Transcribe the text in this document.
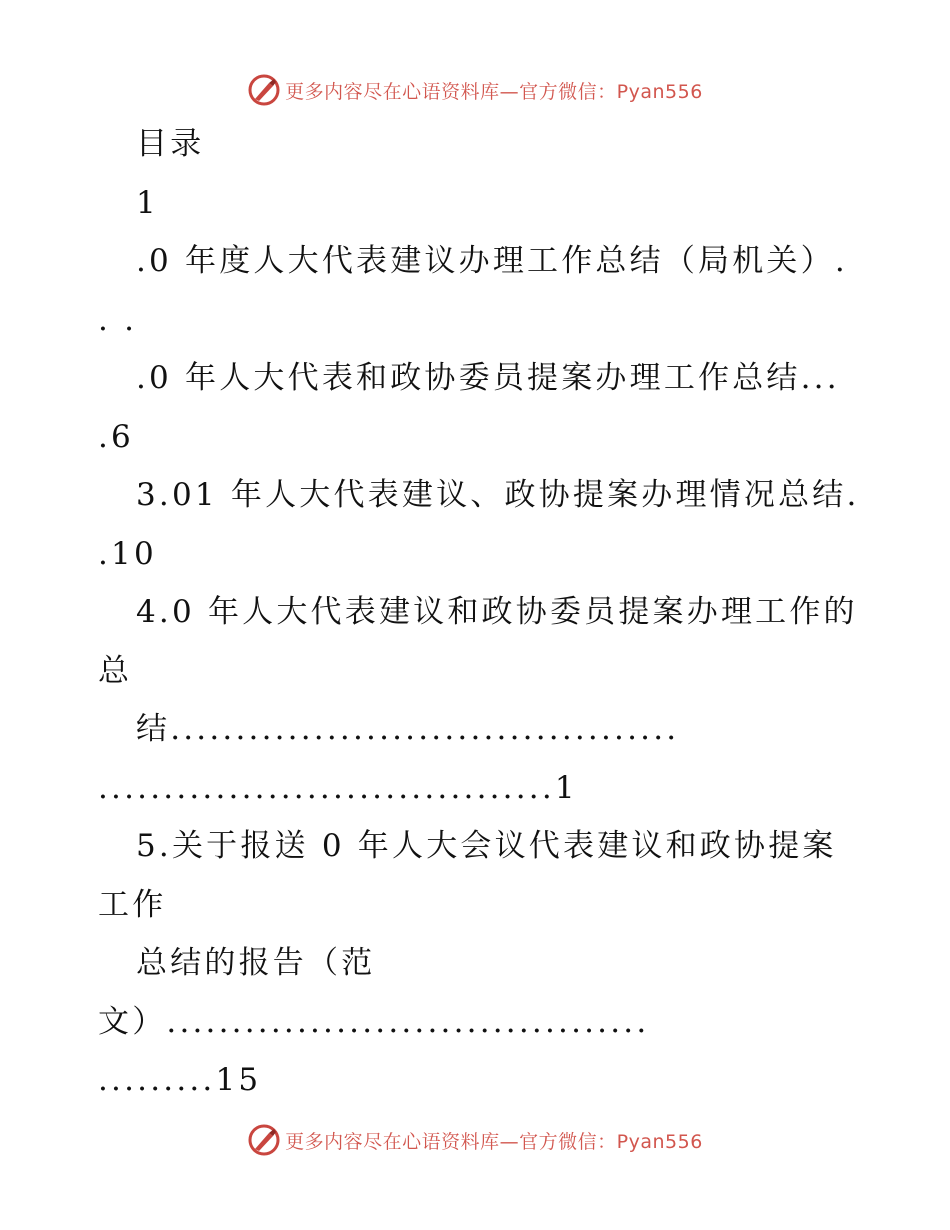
更多内容尽在心语资料库—官方微信：Pyan556
目录
1
.0 年度人大代表建议办理工作总结（局机关）.
. .
.0 年人大代表和政协委员提案办理工作总结...
.6
3.01 年人大代表建议、政协提案办理情况总结.
.10
4.0 年人大代表建议和政协委员提案办理工作的
总
结.......................................
...................................1
5.关于报送 0 年人大会议代表建议和政协提案
工作
总结的报告（范
文）.....................................
.........15
更多内容尽在心语资料库—官方微信：Pyan556
